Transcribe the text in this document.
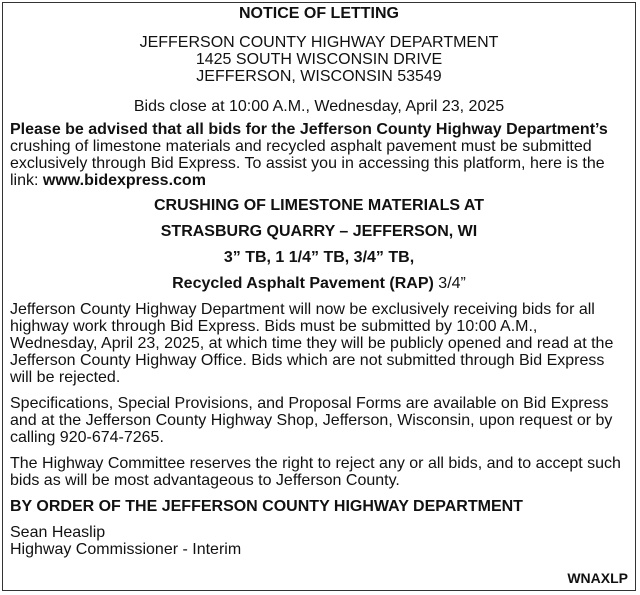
NOTICE OF LETTING
JEFFERSON COUNTY HIGHWAY DEPARTMENT
1425 SOUTH WISCONSIN DRIVE
JEFFERSON, WISCONSIN 53549
Bids close at 10:00 A.M., Wednesday, April 23, 2025

Please be advised that all bids for the Jefferson County Highway Department’s crushing of limestone materials and recycled asphalt pavement must be submitted exclusively through Bid Express. To assist you in accessing this platform, here is the link: www.bidexpress.com

CRUSHING OF LIMESTONE MATERIALS AT
STRASBURG QUARRY – JEFFERSON, WI
3” TB, 1 1/4” TB, 3/4” TB,
Recycled Asphalt Pavement (RAP) 3/4”

Jefferson County Highway Department will now be exclusively receiving bids for all highway work through Bid Express. Bids must be submitted by 10:00 A.M., Wednesday, April 23, 2025, at which time they will be publicly opened and read at the Jefferson County Highway Office. Bids which are not submitted through Bid Express will be rejected.

Specifications, Special Provisions, and Proposal Forms are available on Bid Express and at the Jefferson County Highway Shop, Jefferson, Wisconsin, upon request or by calling 920-674-7265.

The Highway Committee reserves the right to reject any or all bids, and to accept such bids as will be most advantageous to Jefferson County.

BY ORDER OF THE JEFFERSON COUNTY HIGHWAY DEPARTMENT
Sean Heaslip
Highway Commissioner - Interim
WNAXLP
